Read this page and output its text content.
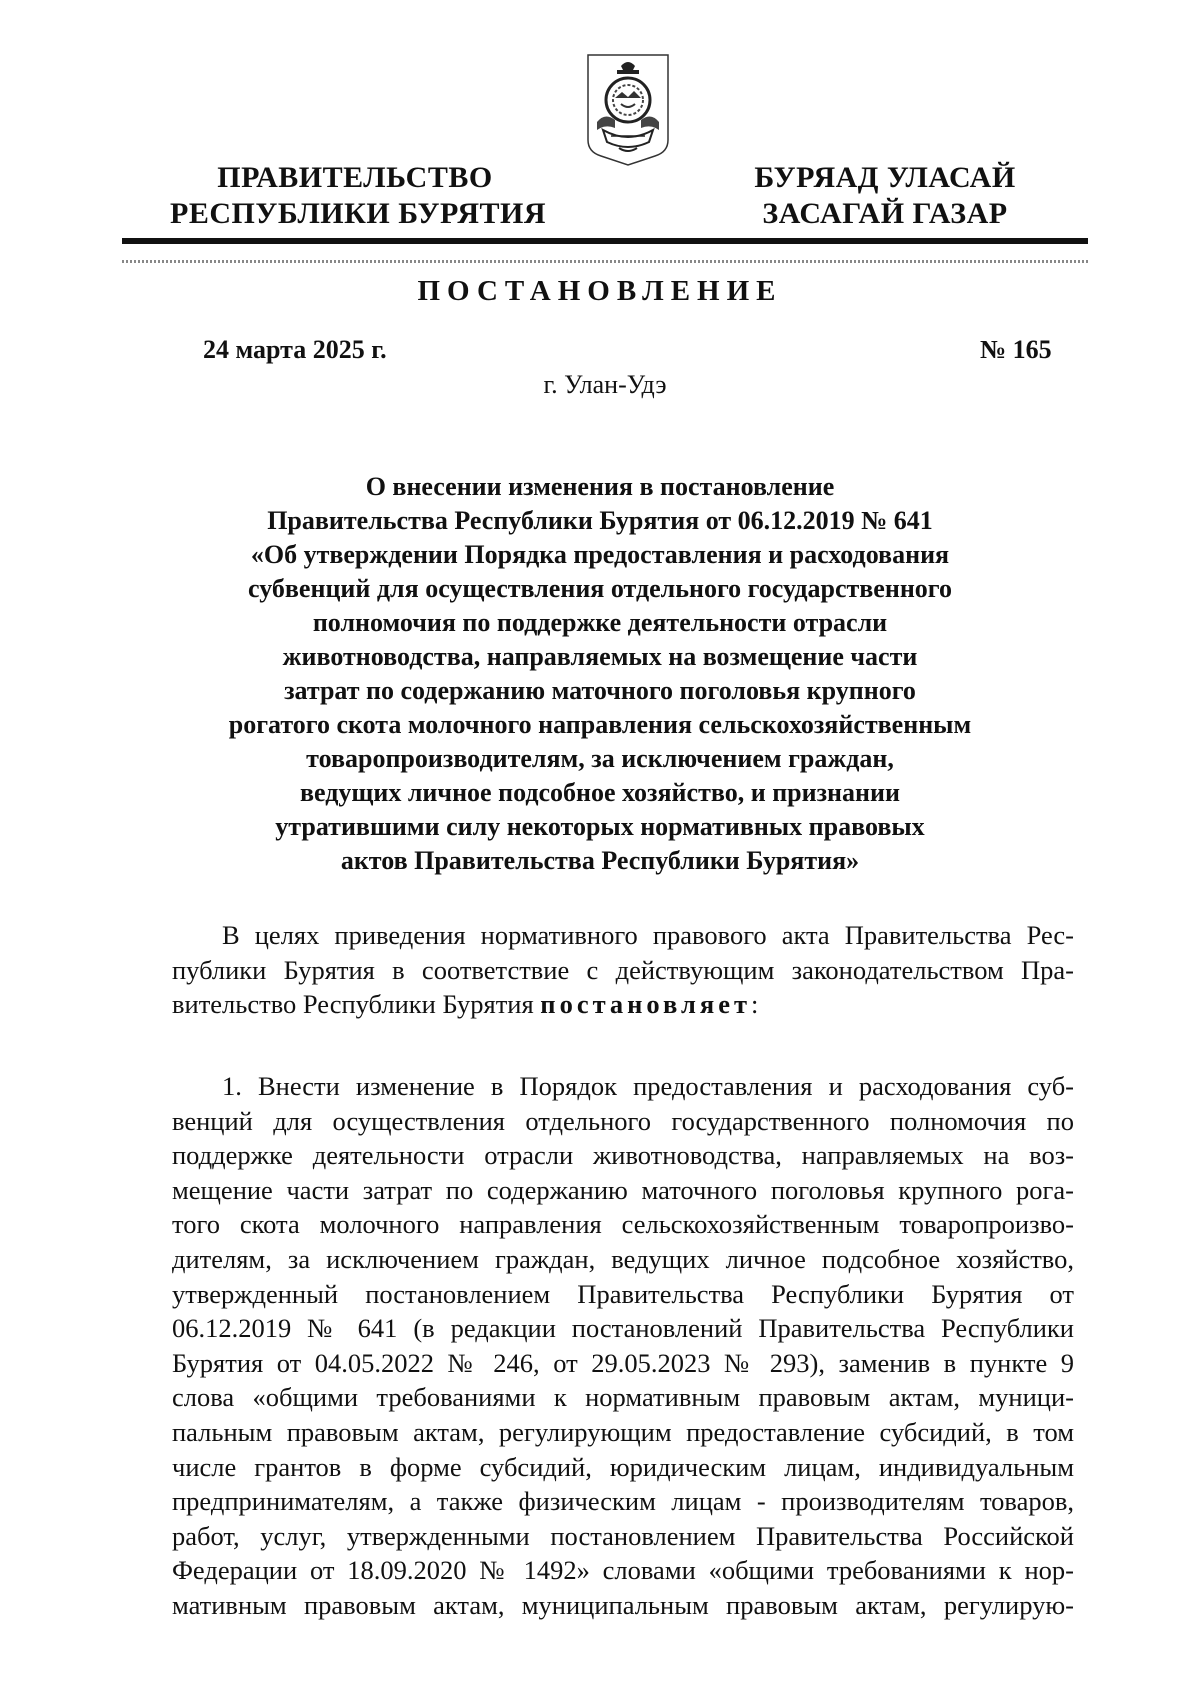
ПРАВИТЕЛЬСТВО
РЕСПУБЛИКИ БУРЯТИЯ
БУРЯАД УЛАСАЙ
ЗАСАГАЙ ГАЗАР
ПОСТАНОВЛЕНИЕ
24 марта 2025 г.	№ 165
г. Улан-Удэ
О внесении изменения в постановление
Правительства Республики Бурятия от 06.12.2019 № 641
«Об утверждении Порядка предоставления и расходования
субвенций для осуществления отдельного государственного
полномочия по поддержке деятельности отрасли
животноводства, направляемых на возмещение части
затрат по содержанию маточного поголовья крупного
рогатого скота молочного направления сельскохозяйственным
товаропроизводителям, за исключением граждан,
ведущих личное подсобное хозяйство, и признании
утратившими силу некоторых нормативных правовых
актов Правительства Республики Бурятия»
В целях приведения нормативного правового акта Правительства Рес-
публики Бурятия в соответствие с действующим законодательством Пра-
вительство Республики Бурятия постановляет:
1. Внести изменение в Порядок предоставления и расходования суб-
венций для осуществления отдельного государственного полномочия по
поддержке деятельности отрасли животноводства, направляемых на воз-
мещение части затрат по содержанию маточного поголовья крупного рога-
того скота молочного направления сельскохозяйственным товаропроизво-
дителям, за исключением граждан, ведущих личное подсобное хозяйство,
утвержденный постановлением Правительства Республики Бурятия от
06.12.2019 № 641 (в редакции постановлений Правительства Республики
Бурятия от 04.05.2022 № 246, от 29.05.2023 № 293), заменив в пункте 9
слова «общими требованиями к нормативным правовым актам, муници-
пальным правовым актам, регулирующим предоставление субсидий, в том
числе грантов в форме субсидий, юридическим лицам, индивидуальным
предпринимателям, а также физическим лицам - производителям товаров,
работ, услуг, утвержденными постановлением Правительства Российской
Федерации от 18.09.2020 № 1492» словами «общими требованиями к нор-
мативным правовым актам, муниципальным правовым актам, регулирую-
